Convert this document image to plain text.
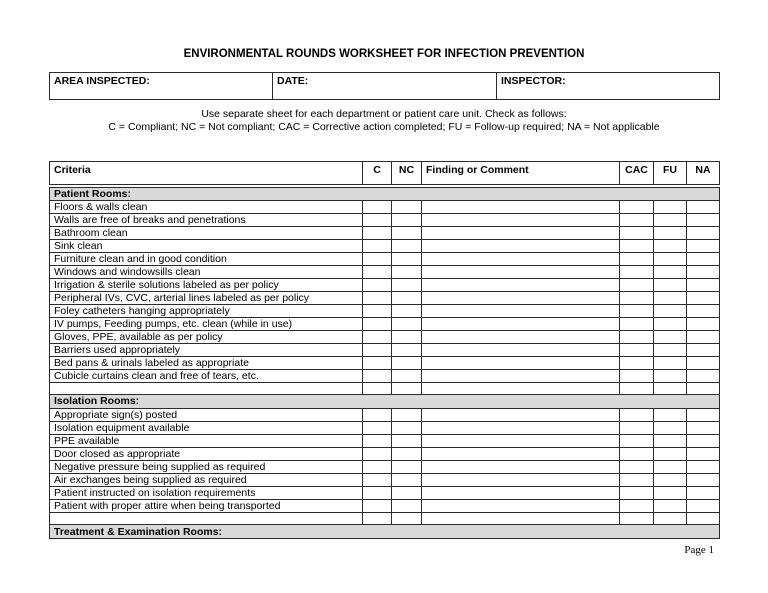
ENVIRONMENTAL ROUNDS WORKSHEET FOR INFECTION PREVENTION
AREA INSPECTED:	DATE:	INSPECTOR:
Use separate sheet for each department or patient care unit. Check as follows:
C = Compliant; NC = Not compliant; CAC = Corrective action completed; FU = Follow-up required; NA = Not applicable
Criteria	C	NC	Finding or Comment	CAC	FU	NA
Patient Rooms:						
Floors & walls clean						
Walls are free of breaks and penetrations						
Bathroom clean						
Sink clean						
Furniture clean and in good condition						
Windows and windowsills clean						
Irrigation & sterile solutions labeled as per policy						
Peripheral IVs, CVC, arterial lines labeled as per policy						
Foley catheters hanging appropriately						
IV pumps, Feeding pumps, etc. clean (while in use)						
Gloves, PPE, available as per policy						
Barriers used appropriately						
Bed pans & urinals labeled as appropriate						
Cubicle curtains clean and free of tears, etc.						

Isolation Rooms:						
Appropriate sign(s) posted						
Isolation equipment available						
PPE available						
Door closed as appropriate						
Negative pressure being supplied as required						
Air exchanges being supplied as required						
Patient instructed on isolation requirements						
Patient with proper attire when being transported						

Treatment & Examination Rooms:						
Page 1
